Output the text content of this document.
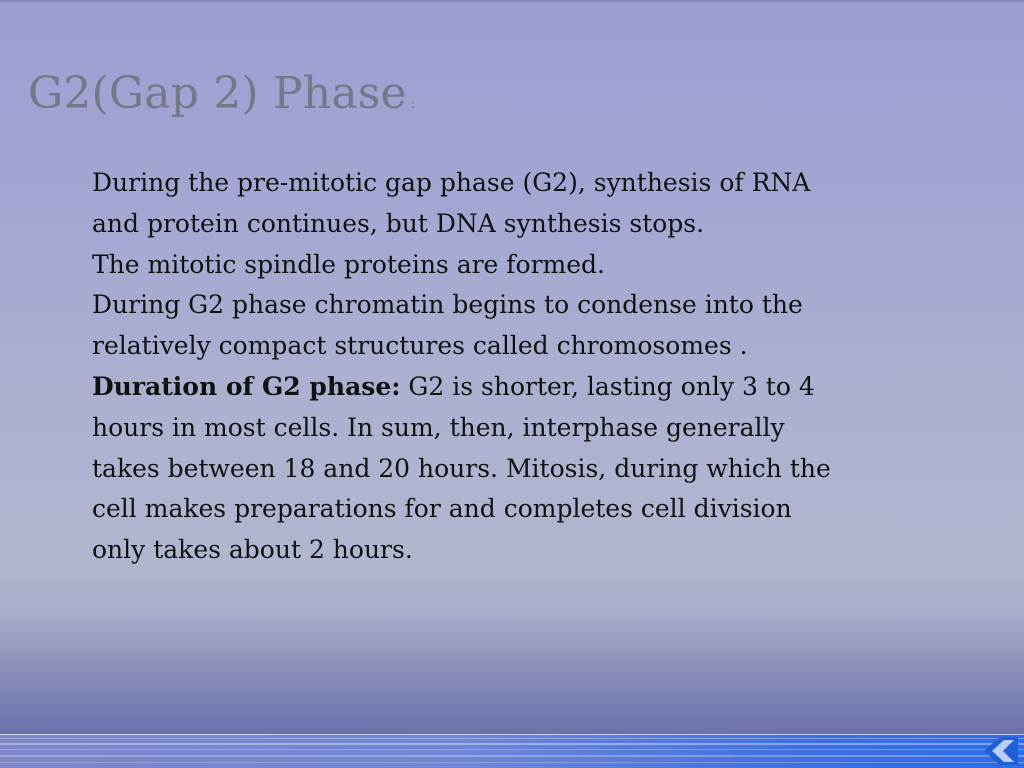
G2(Gap 2) Phase :

During the pre-mitotic gap phase (G2), synthesis of RNA

and protein continues, but DNA synthesis stops.

The mitotic spindle proteins are formed.

During G2 phase chromatin begins to condense into the

relatively compact structures called chromosomes .

Duration of G2 phase: G2 is shorter, lasting only 3 to 4

hours in most cells. In sum, then, interphase generally

takes between 18 and 20 hours. Mitosis, during which the

cell makes preparations for and completes cell division

only takes about 2 hours.
